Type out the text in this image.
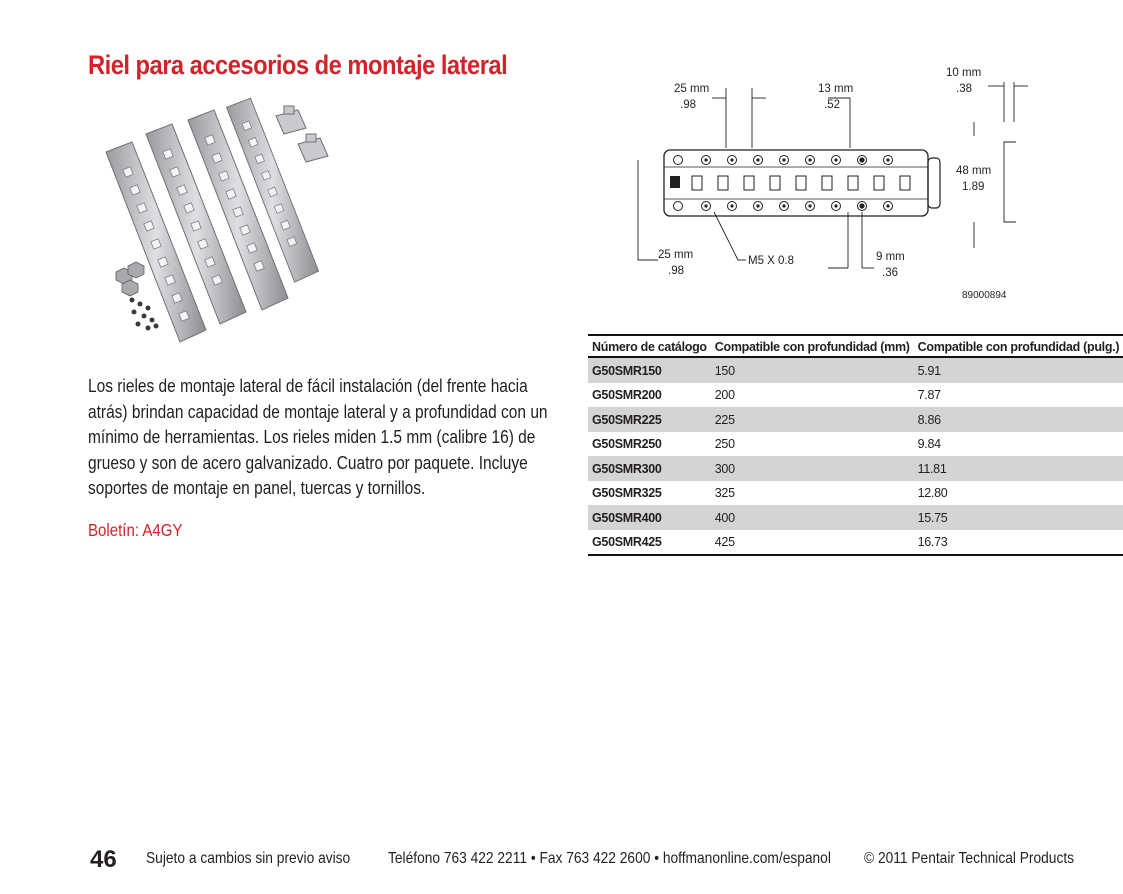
Riel para accesorios de montaje lateral
25 mm
.98
13 mm
.52
10 mm
.38
48 mm
1.89
25 mm
.98
M5 X 0.8	9 mm
.36
89000894
Los rieles de montaje lateral de fácil instalación (del frente hacia atrás) brindan capacidad de montaje lateral y a profundidad con un mínimo de herramientas. Los rieles miden 1.5 mm (calibre 16) de grueso y son de acero galvanizado. Cuatro por paquete. Incluye soportes de montaje en panel, tuercas y tornillos.
Boletín: A4GY
Número de catálogo	Compatible con profundidad (mm)	Compatible con profundidad (pulg.)
G50SMR150	150	5.91
G50SMR200	200	7.87
G50SMR225	225	8.86
G50SMR250	250	9.84
G50SMR300	300	11.81
G50SMR325	325	12.80
G50SMR400	400	15.75
G50SMR425	425	16.73
46 Sujeto a cambios sin previo aviso Teléfono 763 422 2211 • Fax 763 422 2600 • hoffmanonline.com/espanol © 2011 Pentair Technical Products
